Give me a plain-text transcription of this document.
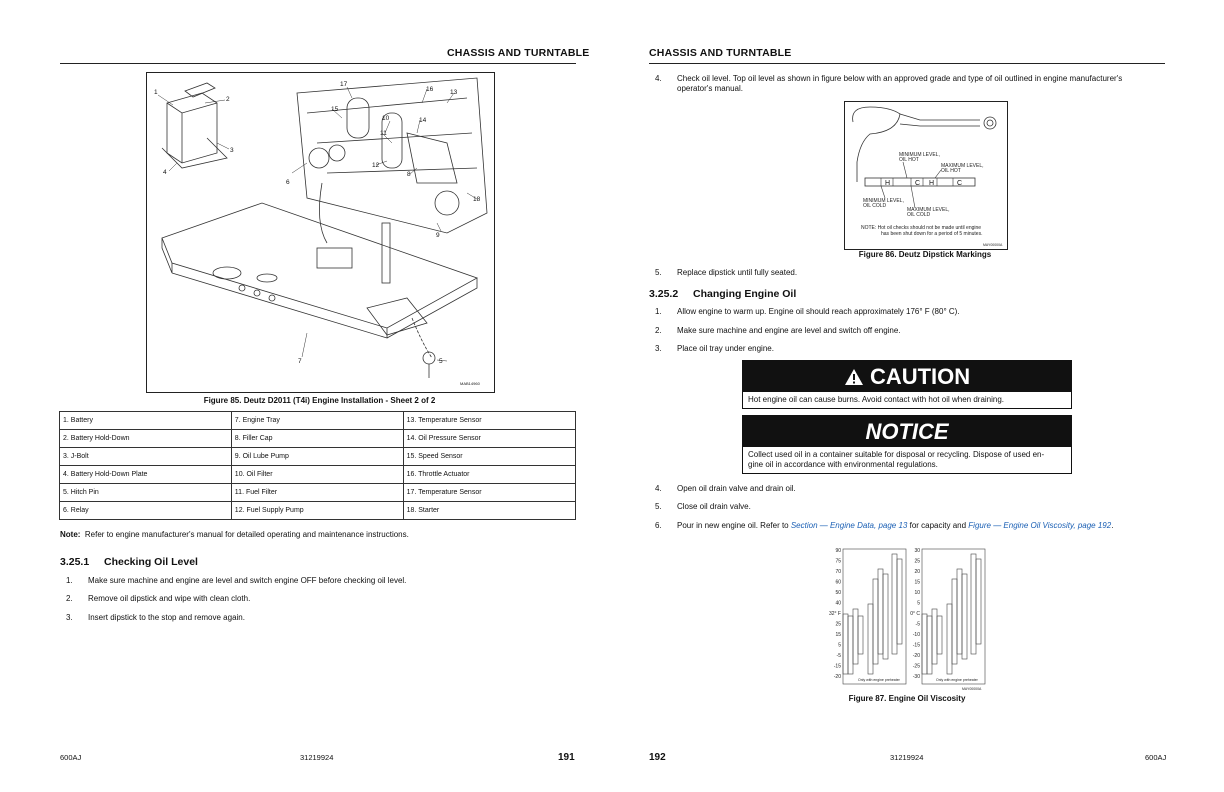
CHASSIS AND TURNTABLE
1
2
3
4
5
6
7
8
9
10
11
12
13
14
15
16
17
18
MAB14960
Figure 85. Deutz D2011 (T4i) Engine Installation - Sheet 2 of 2
1. Battery	7. Engine Tray	13. Temperature Sensor
2. Battery Hold-Down	8. Filler Cap	14. Oil Pressure Sensor
3. J-Bolt	9. Oil Lube Pump	15. Speed Sensor
4. Battery Hold-Down Plate	10. Oil Filter	16. Throttle Actuator
5. Hitch Pin	11. Fuel Filter	17. Temperature Sensor
6. Relay	12. Fuel Supply Pump	18. Starter
Note: Refer to engine manufacturer's manual for detailed operating and maintenance instructions.
3.25.1 Checking Oil Level
1. Make sure machine and engine are level and switch engine OFF before checking oil level.
2. Remove oil dipstick and wipe with clean cloth.
3. Insert dipstick to the stop and remove again.
600AJ	31219924	191
CHASSIS AND TURNTABLE
4. Check oil level. Top oil level as shown in figure below with an approved grade and type of oil outlined in engine manufacturer's
operator's manual.
MINIMUM LEVEL,
OIL HOT
MAXIMUM LEVEL,
OIL HOT
MINIMUM LEVEL,
OIL COLD
MAXIMUM LEVEL,
OIL COLD
NOTE: Hot oil checks should not be made until engine
has been shut down for a period of 5 minutes.
MAY00000A
H	C H	C
Figure 86. Deutz Dipstick Markings
5. Replace dipstick until fully seated.
3.25.2 Changing Engine Oil
1. Allow engine to warm up. Engine oil should reach approximately 176° F (80° C).
2. Make sure machine and engine are level and switch off engine.
3. Place oil tray under engine.
CAUTION
Hot engine oil can cause burns. Avoid contact with hot oil when draining.
NOTICE
Collect used oil in a container suitable for disposal or recycling. Dispose of used en-
gine oil in accordance with environmental regulations.
4. Open oil drain valve and drain oil.
5. Close oil drain valve.
6. Pour in new engine oil. Refer to Section — Engine Data, page 13 for capacity and Figure — Engine Oil Viscosity, page 192.
90
75
70
60
50
40
32° F
25
15
5
-5
-15
-20
30
25
20
15
10
5
0° C
-5
-10
-15
-20
-25
-30
Only with engine preheater	Only with engine preheater
MAY00000A
Figure 87. Engine Oil Viscosity
192	31219924	600AJ
